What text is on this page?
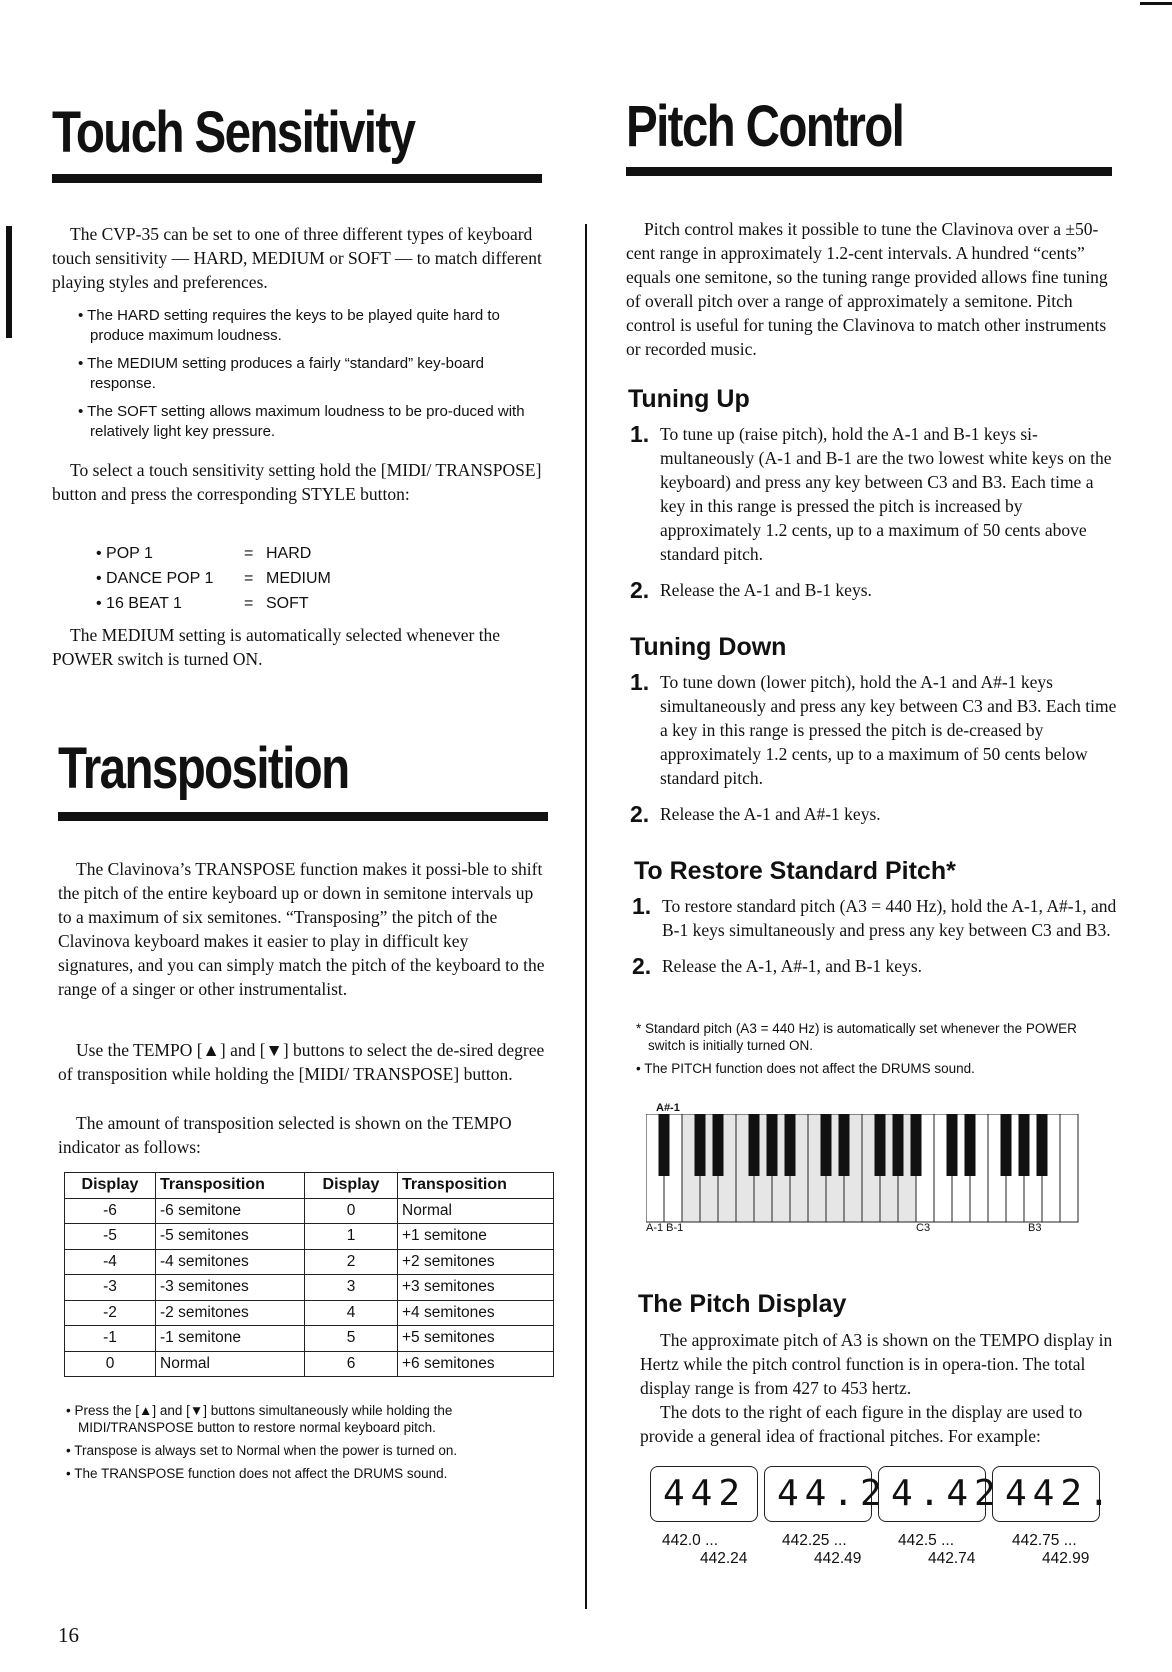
Touch Sensitivity

The CVP-35 can be set to one of three different types of keyboard touch sensitivity — HARD, MEDIUM or SOFT — to match different playing styles and preferences.

• The HARD setting requires the keys to be played quite hard to produce maximum loudness.

• The MEDIUM setting produces a fairly “standard” key-board response.

• The SOFT setting allows maximum loudness to be pro-duced with relatively light key pressure.

To select a touch sensitivity setting hold the [MIDI/ TRANSPOSE] button and press the corresponding STYLE button:

• POP 1	= HARD
• DANCE POP 1	= MEDIUM
• 16 BEAT 1	= SOFT

The MEDIUM setting is automatically selected whenever the POWER switch is turned ON.

Transposition

The Clavinova’s TRANSPOSE function makes it possi-ble to shift the pitch of the entire keyboard up or down in semitone intervals up to a maximum of six semitones. “Transposing” the pitch of the Clavinova keyboard makes it easier to play in difficult key signatures, and you can simply match the pitch of the keyboard to the range of a singer or other instrumentalist.

Use the TEMPO [▲] and [▼] buttons to select the de-sired degree of transposition while holding the [MIDI/ TRANSPOSE] button.

The amount of transposition selected is shown on the TEMPO indicator as follows:

Display	Transposition	Display	Transposition
-6	-6 semitone	0	Normal
-5	-5 semitones	1	+1 semitone
-4	-4 semitones	2	+2 semitones
-3	-3 semitones	3	+3 semitones
-2	-2 semitones	4	+4 semitones
-1	-1 semitone	5	+5 semitones
0	Normal	6	+6 semitones

• Press the [▲] and [▼] buttons simultaneously while holding the MIDI/TRANSPOSE button to restore normal keyboard pitch.

• Transpose is always set to Normal when the power is turned on.

• The TRANSPOSE function does not affect the DRUMS sound.

16
Pitch Control

Pitch control makes it possible to tune the Clavinova over a ±50-cent range in approximately 1.2-cent intervals. A hundred “cents” equals one semitone, so the tuning range provided allows fine tuning of overall pitch over a range of approximately a semitone. Pitch control is useful for tuning the Clavinova to match other instruments or recorded music.

Tuning Up
1. To tune up (raise pitch), hold the A-1 and B-1 keys si-multaneously (A-1 and B-1 are the two lowest white keys on the keyboard) and press any key between C3 and B3. Each time a key in this range is pressed the pitch is increased by approximately 1.2 cents, up to a maximum of 50 cents above standard pitch.

2. Release the A-1 and B-1 keys.

Tuning Down
1. To tune down (lower pitch), hold the A-1 and A#-1 keys simultaneously and press any key between C3 and B3. Each time a key in this range is pressed the pitch is de-creased by approximately 1.2 cents, up to a maximum of 50 cents below standard pitch.

2. Release the A-1 and A#-1 keys.

To Restore Standard Pitch*
1. To restore standard pitch (A3 = 440 Hz), hold the A-1, A#-1, and B-1 keys simultaneously and press any key between C3 and B3.

2. Release the A-1, A#-1, and B-1 keys.

* Standard pitch (A3 = 440 Hz) is automatically set whenever the POWER switch is initially turned ON.

• The PITCH function does not affect the DRUMS sound.

A#-1
A-1 B-1	C3	B3
The Pitch Display

The approximate pitch of A3 is shown on the TEMPO display in Hertz while the pitch control function is in opera-tion. The total display range is from 427 to 453 hertz.

The dots to the right of each figure in the display are used to provide a general idea of fractional pitches. For example:

442 44.2 4.42 442.
442.0 ...
442.24
442.25 ...
442.49
442.5 ...
442.74
442.75 ...
442.99
